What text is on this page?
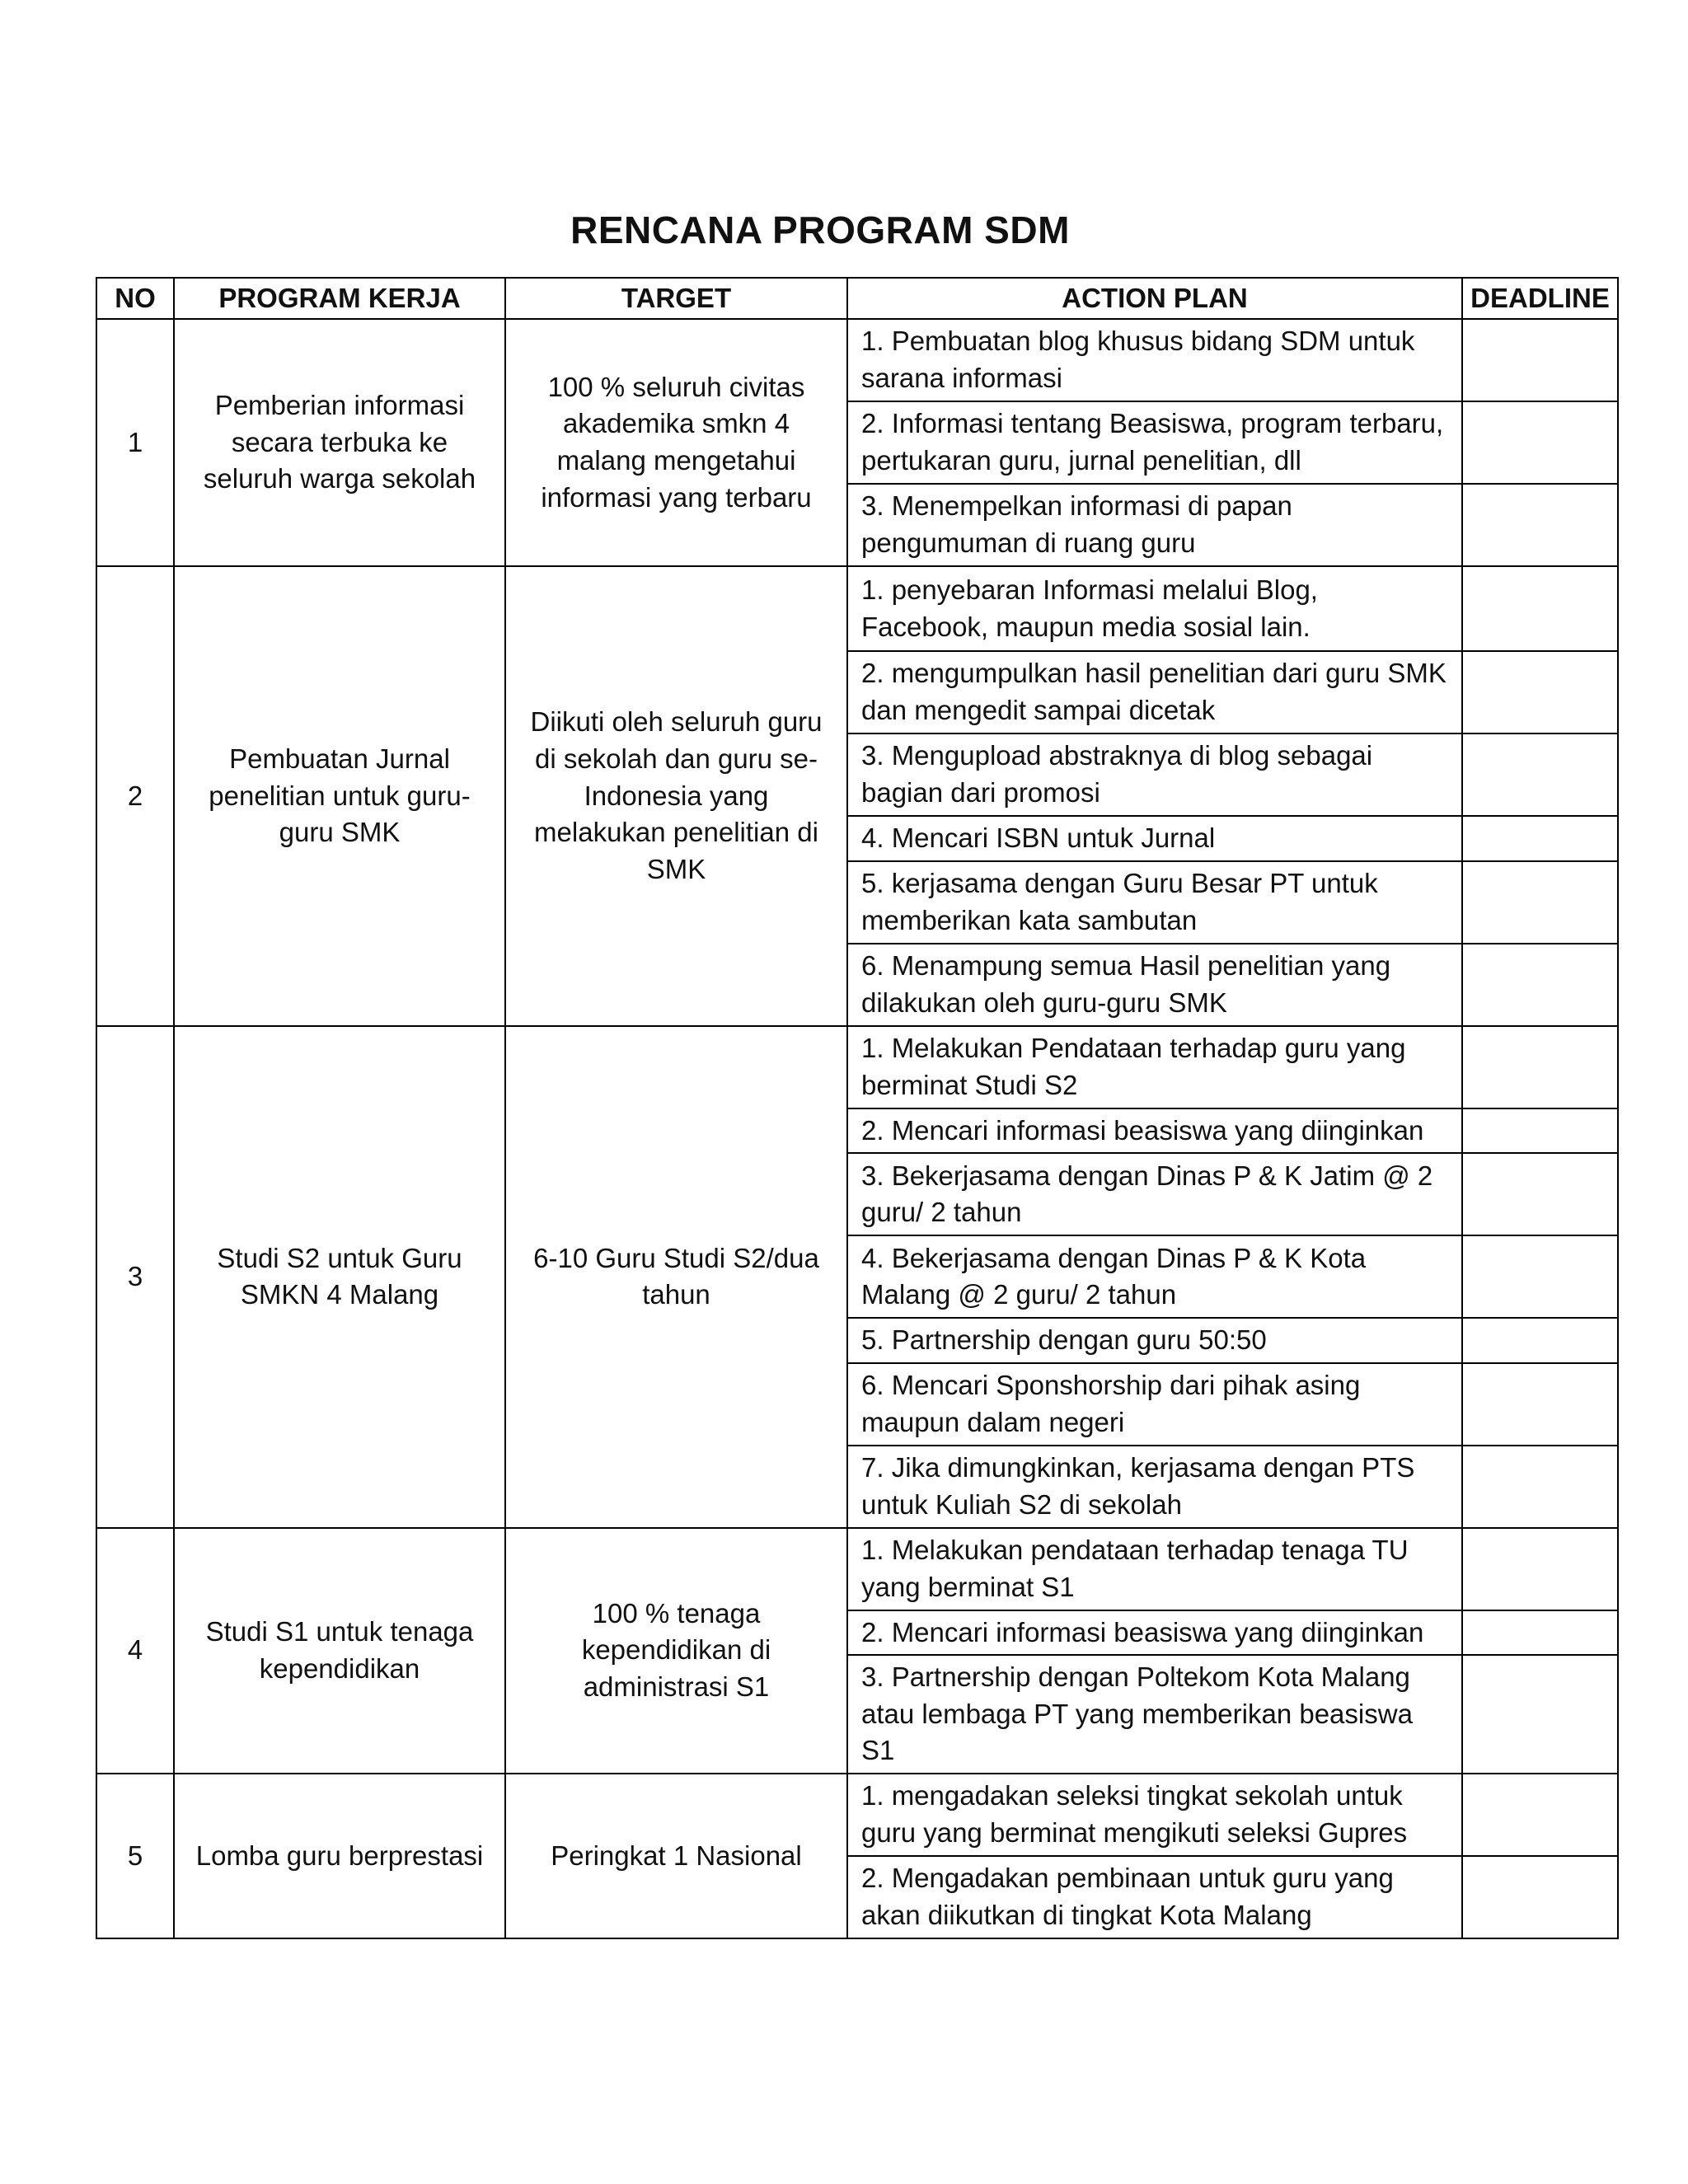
RENCANA PROGRAM SDM
NO	PROGRAM KERJA	TARGET	ACTION PLAN	DEADLINE
1	Pemberian informasi secara terbuka ke seluruh warga sekolah	100 % seluruh civitas akademika smkn 4 malang mengetahui informasi yang terbaru	1. Pembuatan blog khusus bidang SDM untuk sarana informasi	
			2. Informasi tentang Beasiswa, program terbaru, pertukaran guru, jurnal penelitian, dll	
			3. Menempelkan informasi di papan pengumuman di ruang guru	
2	Pembuatan Jurnal penelitian untuk guru-guru SMK	Diikuti oleh seluruh guru di sekolah dan guru se-Indonesia yang melakukan penelitian di SMK	1. penyebaran Informasi melalui Blog, Facebook, maupun media sosial lain.	
			2. mengumpulkan hasil penelitian dari guru SMK dan mengedit sampai dicetak	
			3. Mengupload abstraknya di blog sebagai bagian dari promosi	
			4. Mencari ISBN untuk Jurnal	
			5. kerjasama dengan Guru Besar PT untuk memberikan kata sambutan	
			6. Menampung semua Hasil penelitian yang dilakukan oleh guru-guru SMK	
3	Studi S2 untuk Guru SMKN 4 Malang	6-10 Guru Studi S2/dua tahun	1. Melakukan Pendataan terhadap guru yang berminat Studi S2	
			2. Mencari informasi beasiswa yang diinginkan	
			3. Bekerjasama dengan Dinas P & K Jatim @ 2 guru/ 2 tahun	
			4. Bekerjasama dengan Dinas P & K Kota Malang @ 2 guru/ 2 tahun	
			5. Partnership dengan guru 50:50	
			6. Mencari Sponshorship dari pihak asing maupun dalam negeri	
			7. Jika dimungkinkan, kerjasama dengan PTS untuk Kuliah S2 di sekolah	
4	Studi S1 untuk tenaga kependidikan	100 % tenaga kependidikan di administrasi S1	1. Melakukan pendataan terhadap tenaga TU yang berminat S1	
			2. Mencari informasi beasiswa yang diinginkan	
			3. Partnership dengan Poltekom Kota Malang atau lembaga PT yang memberikan beasiswa S1	
5	Lomba guru berprestasi	Peringkat 1 Nasional	1. mengadakan seleksi tingkat sekolah untuk guru yang berminat mengikuti seleksi Gupres	
			2. Mengadakan pembinaan untuk guru yang akan diikutkan di tingkat Kota Malang	
